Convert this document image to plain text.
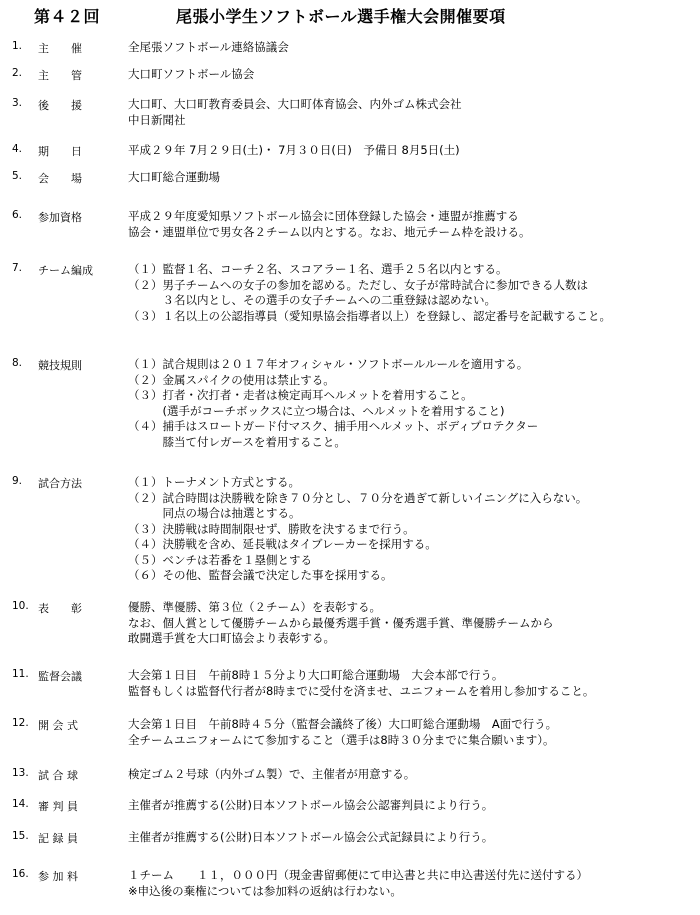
第４２回	尾張小学生ソフトボール選手権大会開催要項
1.	主　　催	全尾張ソフトボール連絡協議会
2.	主　　管	大口町ソフトボール協会
3.	後　　援	大口町、大口町教育委員会、大口町体育協会、内外ゴム株式会社
中日新聞社
4.	期　　日	平成２９年 7月２９日(土)・ 7月３０日(日)　予備日 8月5日(土)
5.	会　　場	大口町総合運動場
6.	参加資格	平成２９年度愛知県ソフトボール協会に団体登録した協会・連盟が推薦する
協会・連盟単位で男女各２チーム以内とする。なお、地元チーム枠を設ける。
7.	チーム編成	（１）監督１名、コーチ２名、スコアラー１名、選手２５名以内とする。
（２）男子チームへの女子の参加を認める。ただし、女子が常時試合に参加できる人数は
　　　３名以内とし、その選手の女子チームへの二重登録は認めない。
（３）１名以上の公認指導員（愛知県協会指導者以上）を登録し、認定番号を記載すること。
8.	競技規則	（１）試合規則は２０１７年オフィシャル・ソフトボールルールを適用する。
（２）金属スパイクの使用は禁止する。
（３）打者・次打者・走者は検定両耳ヘルメットを着用すること。
　　　(選手がコーチボックスに立つ場合は、ヘルメットを着用すること)
（４）捕手はスロートガード付マスク、捕手用ヘルメット、ボディプロテクター
　　　膝当て付レガースを着用すること。
9.	試合方法	（１）トーナメント方式とする。
（２）試合時間は決勝戦を除き７０分とし、７０分を過ぎて新しいイニングに入らない。
　　　同点の場合は抽選とする。
（３）決勝戦は時間制限せず、勝敗を決するまで行う。
（４）決勝戦を含め、延長戦はタイブレーカーを採用する。
（５）ベンチは若番を１塁側とする
（６）その他、監督会議で決定した事を採用する。
10. 表　　彰	優勝、準優勝、第３位（２チーム）を表彰する。
なお、個人賞として優勝チームから最優秀選手賞・優秀選手賞、準優勝チームから
敢闘選手賞を大口町協会より表彰する。
11. 監督会議	大会第１日目　午前8時１５分より大口町総合運動場　大会本部で行う。
監督もしくは監督代行者が8時までに受付を済ませ、ユニフォームを着用し参加すること。
12. 開 会 式	大会第１日目　午前8時４５分（監督会議終了後）大口町総合運動場　A面で行う。
全チームユニフォームにて参加すること（選手は8時３０分までに集合願います）。
13. 試 合 球	検定ゴム２号球（内外ゴム製）で、主催者が用意する。
14. 審 判 員	主催者が推薦する(公財)日本ソフトボール協会公認審判員により行う。
15. 記 録 員	主催者が推薦する(公財)日本ソフトボール協会公式記録員により行う。
16. 参 加 料	１チーム　　１１，０００円（現金書留郵便にて申込書と共に申込書送付先に送付する）
※申込後の棄権については参加料の返納は行わない。
